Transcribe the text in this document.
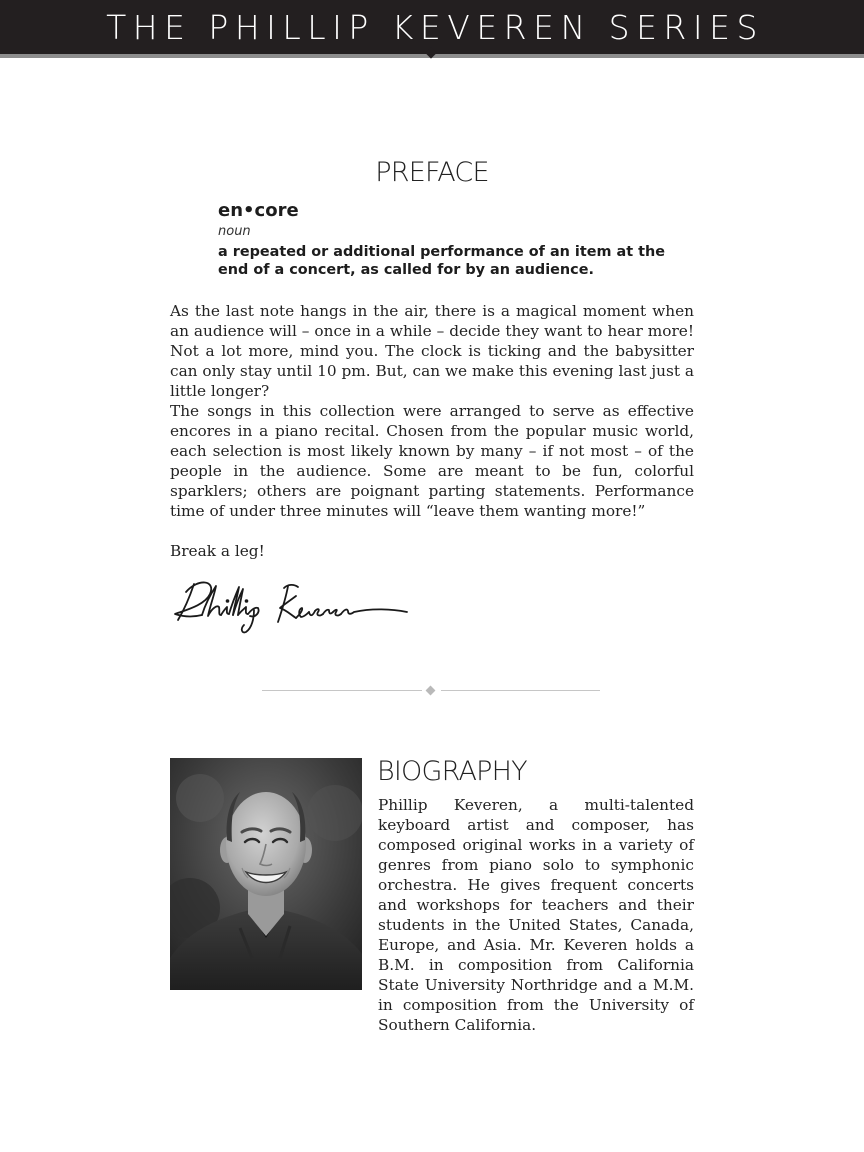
THE PHILLIP KEVEREN SERIES
PREFACE
en•core
noun
a repeated or additional performance of an item at the
end of a concert, as called for by an audience.

As the last note hangs in the air, there is a magical moment when an audience will – once in a while – decide they want to hear more! Not a lot more, mind you. The clock is ticking and the babysitter can only stay until 10 pm. But, can we make this evening last just a little longer?

The songs in this collection were arranged to serve as effective encores in a piano recital. Chosen from the popular music world, each selection is most likely known by many – if not most – of the people in the audience. Some are meant to be fun, colorful sparklers; others are poignant parting statements. Performance time of under three minutes will “leave them wanting more!”

Break a leg!

BIOGRAPHY

Phillip Keveren, a multi-talented keyboard artist and composer, has composed original works in a variety of genres from piano solo to symphonic orchestra. He gives frequent concerts and workshops for teachers and their students in the United States, Canada, Europe, and Asia. Mr. Keveren holds a B.M. in composition from California State University Northridge and a M.M. in composition from the University of Southern California.
